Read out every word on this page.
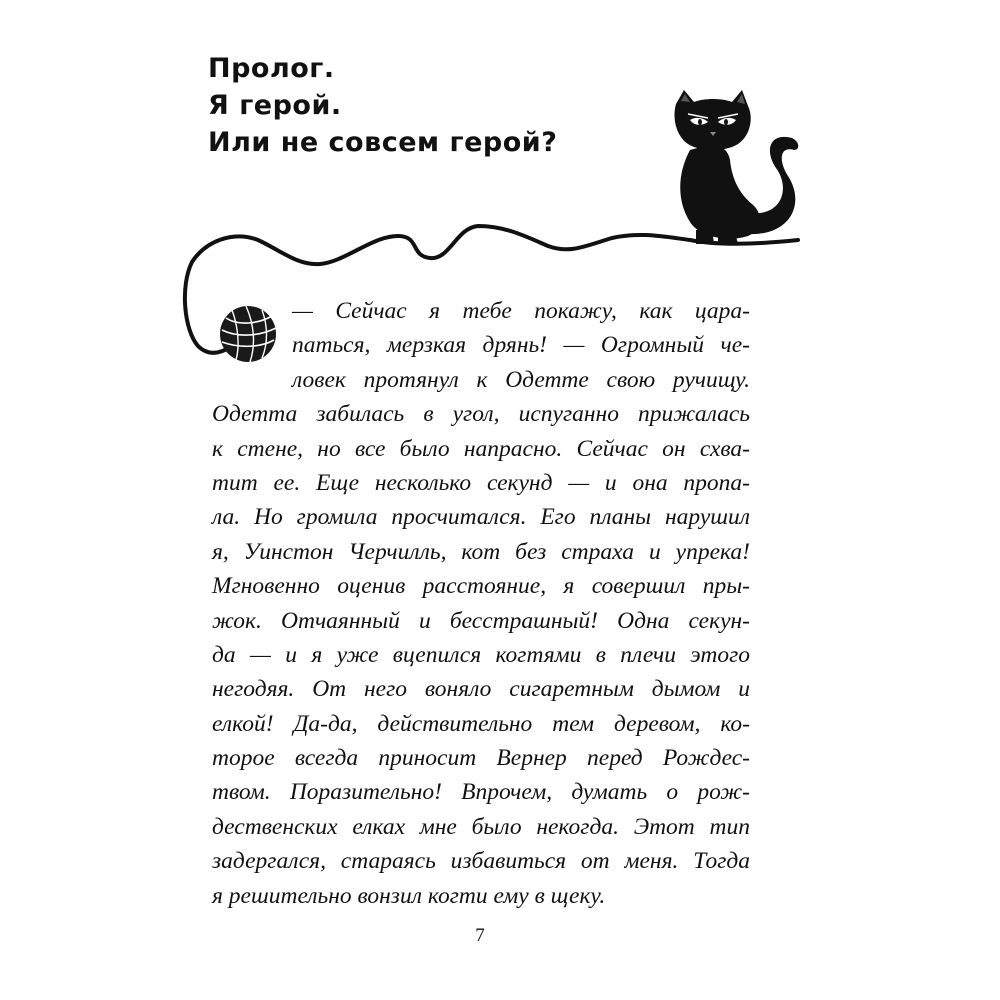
Пролог.
Я герой.
Или не совсем герой?
— Сейчас я тебе покажу, как цара-
паться, мерзкая дрянь! — Огромный че-
ловек протянул к Одетте свою ручищу.
Одетта забилась в угол, испуганно прижалась
к стене, но все было напрасно. Сейчас он схва-
тит ее. Еще несколько секунд — и она пропа-
ла. Но громила просчитался. Его планы нарушил
я, Уинстон Черчилль, кот без страха и упрека!
Мгновенно оценив расстояние, я совершил пры-
жок. Отчаянный и бесстрашный! Одна секун-
да — и я уже вцепился когтями в плечи этого
негодяя. От него воняло сигаретным дымом и
елкой! Да-да, действительно тем деревом, ко-
торое всегда приносит Вернер перед Рождес-
твом. Поразительно! Впрочем, думать о рож-
дественских елках мне было некогда. Этот тип
задергался, стараясь избавиться от меня. Тогда
я решительно вонзил когти ему в щеку.
7
